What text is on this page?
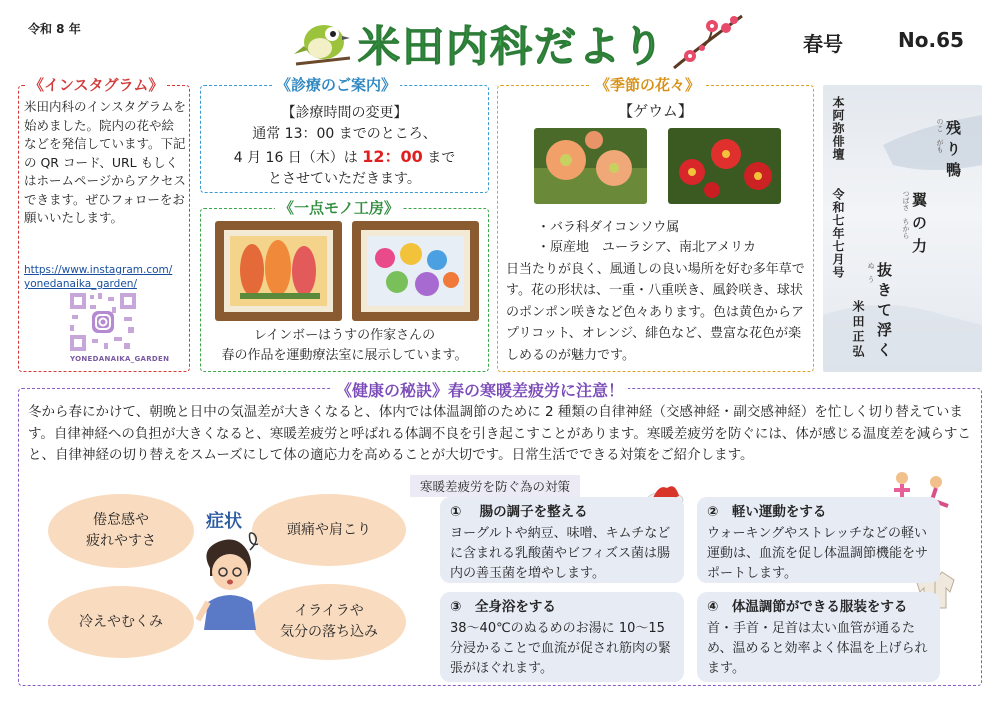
令和 8 年	米田内科だより	春号	No.65
《インスタグラム》
米田内科のインスタグラムを始めました。院内の花や絵などを発信しています。下記の QR コード、URL もしくはホームページからアクセスできます。ぜひフォローをお願いいたします。
https://www.instagram.com/
yonedanaika_garden/
YONEDANAIKA_GARDEN
《診療のご案内》
【診療時間の変更】
通常 13：00 までのところ、
4 月 16 日（木）は 12：00 まで
とさせていただきます。
《一点モノ工房》
レインボーはうすの作家さんの
春の作品を運動療法室に展示しています。
《季節の花々》
【ゲウム】
・バラ科ダイコンソウ属
・原産地　ユーラシア、南北アメリカ
日当たりが良く、風通しの良い場所を好む多年草です。花の形状は、一重・八重咲き、風鈴咲き、球状のポンポン咲きなど色々あります。色は黄色からアプリコット、オレンジ、緋色など、豊富な花色が楽しめるのが魅力です。
本阿弥俳壇
令和七年七月号
米田正弘
のこ　がも 残り鴨
つばさ　ちから 翼の力
ぬ　う 抜きて浮く
《健康の秘訣》春の寒暖差疲労に注意！
冬から春にかけて、朝晩と日中の気温差が大きくなると、体内では体温調節のために 2 種類の自律神経（交感神経・副交感神経）を忙しく切り替えています。自律神経への負担が大きくなると、寒暖差疲労と呼ばれる体調不良を引き起こすことがあります。寒暖差疲労を防ぐには、体が感じる温度差を減らすこと、自律神経の切り替えをスムーズにして体の適応力を高めることが大切です。日常生活でできる対策をご紹介します。
倦怠感や
疲れやすさ
頭痛や肩こり
冷えやむくみ
イライラや
気分の落ち込み
症状
寒暖差疲労を防ぐ為の対策
①　 腸の調子を整える
ヨーグルトや納豆、味噌、キムチなどに含まれる乳酸菌やビフィズス菌は腸内の善玉菌を増やします。
②　軽い運動をする
ウォーキングやストレッチなどの軽い運動は、血流を促し体温調節機能をサポートします。
③　全身浴をする
38〜40℃のぬるめのお湯に 10〜15 分浸かることで血流が促され筋肉の緊張がほぐれます。
④　体温調節ができる服装をする
首・手首・足首は太い血管が通るため、温めると効率よく体温を上げられます。
